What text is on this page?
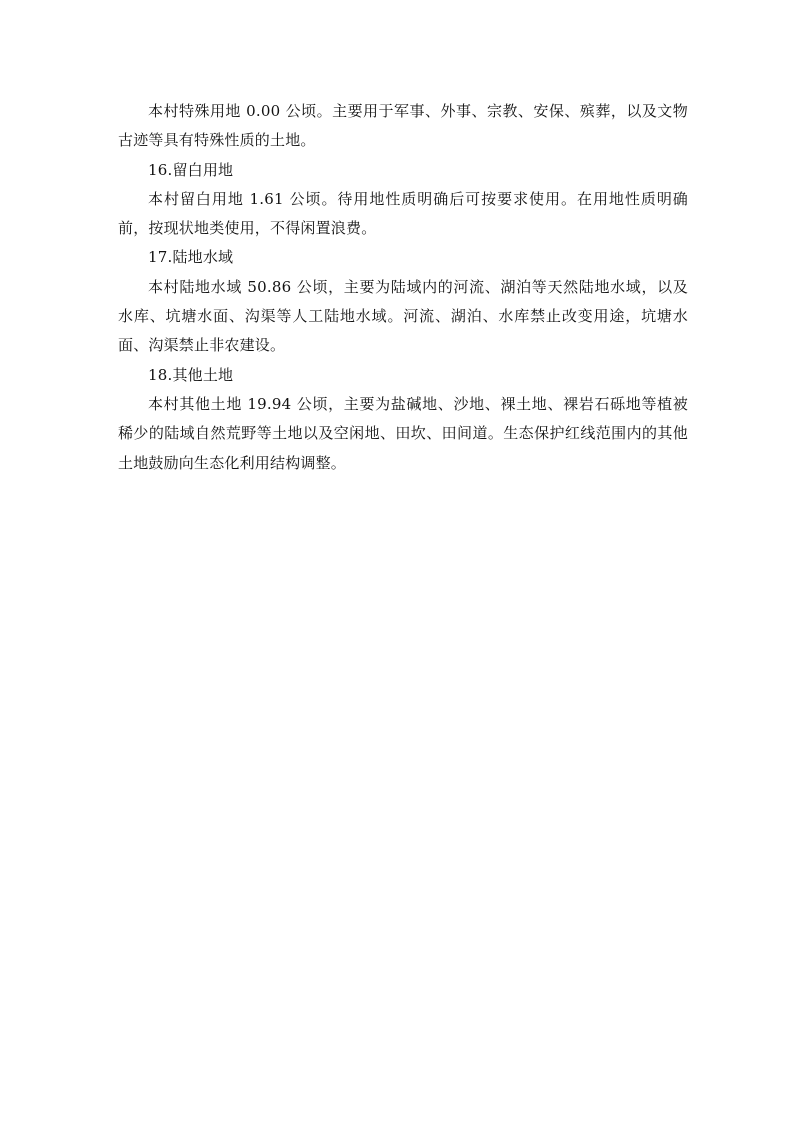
本村特殊用地 0.00 公顷。主要用于军事、外事、宗教、安保、殡葬，以及文物古迹等具有特殊性质的土地。

16.留白用地

本村留白用地 1.61 公顷。待用地性质明确后可按要求使用。在用地性质明确前，按现状地类使用，不得闲置浪费。

17.陆地水域

本村陆地水域 50.86 公顷，主要为陆域内的河流、湖泊等天然陆地水域，以及水库、坑塘水面、沟渠等人工陆地水域。河流、湖泊、水库禁止改变用途，坑塘水面、沟渠禁止非农建设。

18.其他土地

本村其他土地 19.94 公顷，主要为盐碱地、沙地、裸土地、裸岩石砾地等植被稀少的陆域自然荒野等土地以及空闲地、田坎、田间道。生态保护红线范围内的其他土地鼓励向生态化利用结构调整。
